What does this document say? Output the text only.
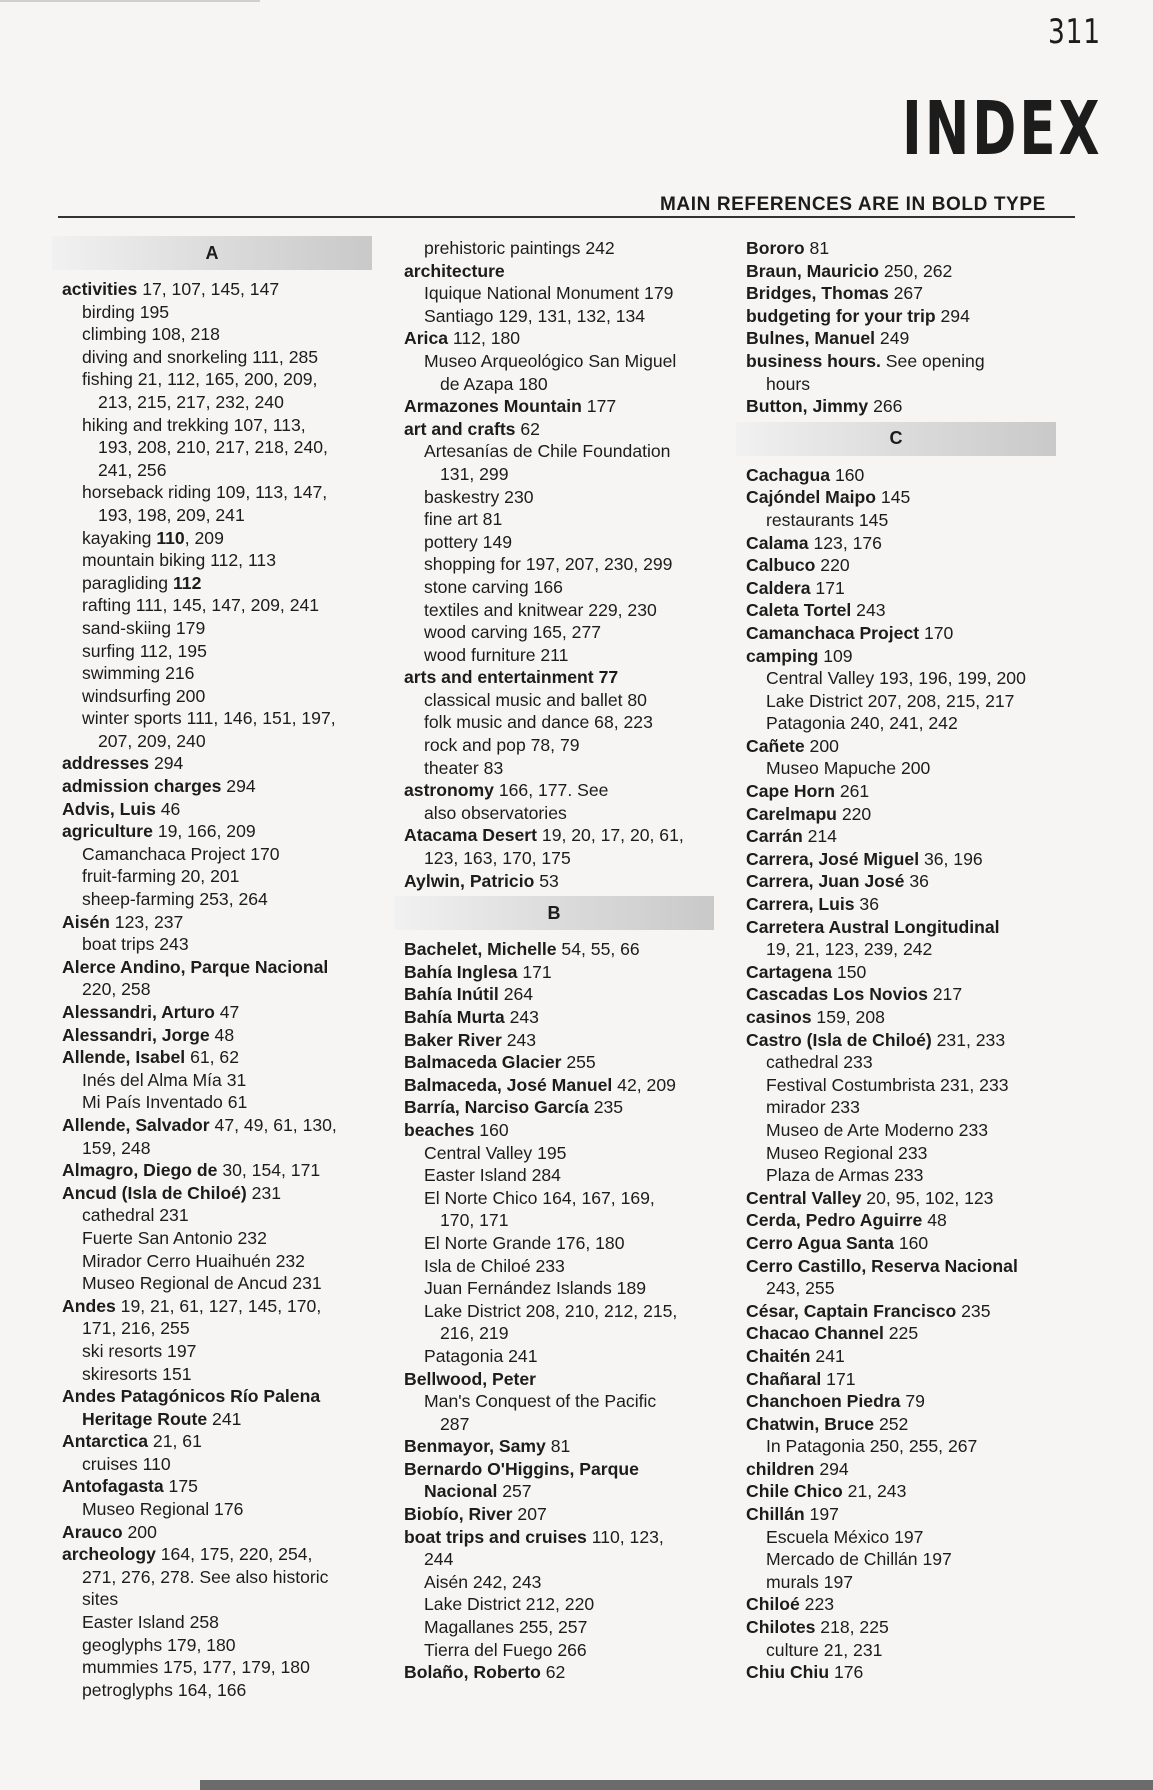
311
INDEX
MAIN REFERENCES ARE IN BOLD TYPE
A
activities 17, 107, 145, 147
birding 195
climbing 108, 218
diving and snorkeling 111, 285
fishing 21, 112, 165, 200, 209,
213, 215, 217, 232, 240
hiking and trekking 107, 113,
193, 208, 210, 217, 218, 240,
241, 256
horseback riding 109, 113, 147,
193, 198, 209, 241
kayaking 110, 209
mountain biking 112, 113
paragliding 112
rafting 111, 145, 147, 209, 241
sand-skiing 179
surfing 112, 195
swimming 216
windsurfing 200
winter sports 111, 146, 151, 197,
207, 209, 240
addresses 294
admission charges 294
Advis, Luis 46
agriculture 19, 166, 209
Camanchaca Project 170
fruit-farming 20, 201
sheep-farming 253, 264
Aisén 123, 237
boat trips 243
Alerce Andino, Parque Nacional
220, 258
Alessandri, Arturo 47
Alessandri, Jorge 48
Allende, Isabel 61, 62
Inés del Alma Mía 31
Mi País Inventado 61
Allende, Salvador 47, 49, 61, 130,
159, 248
Almagro, Diego de 30, 154, 171
Ancud (Isla de Chiloé) 231
cathedral 231
Fuerte San Antonio 232
Mirador Cerro Huaihuén 232
Museo Regional de Ancud 231
Andes 19, 21, 61, 127, 145, 170,
171, 216, 255
ski resorts 197
skiresorts 151
Andes Patagónicos Río Palena
Heritage Route 241
Antarctica 21, 61
cruises 110
Antofagasta 175
Museo Regional 176
Arauco 200
archeology 164, 175, 220, 254,
271, 276, 278. See also historic
sites
Easter Island 258
geoglyphs 179, 180
mummies 175, 177, 179, 180
petroglyphs 164, 166
prehistoric paintings 242
architecture
Iquique National Monument 179
Santiago 129, 131, 132, 134
Arica 112, 180
Museo Arqueológico San Miguel
de Azapa 180
Armazones Mountain 177
art and crafts 62
Artesanías de Chile Foundation
131, 299
baskestry 230
fine art 81
pottery 149
shopping for 197, 207, 230, 299
stone carving 166
textiles and knitwear 229, 230
wood carving 165, 277
wood furniture 211
arts and entertainment 77
classical music and ballet 80
folk music and dance 68, 223
rock and pop 78, 79
theater 83
astronomy 166, 177. See
also observatories
Atacama Desert 19, 20, 17, 20, 61,
123, 163, 170, 175
Aylwin, Patricio 53
B
Bachelet, Michelle 54, 55, 66
Bahía Inglesa 171
Bahía Inútil 264
Bahía Murta 243
Baker River 243
Balmaceda Glacier 255
Balmaceda, José Manuel 42, 209
Barría, Narciso García 235
beaches 160
Central Valley 195
Easter Island 284
El Norte Chico 164, 167, 169,
170, 171
El Norte Grande 176, 180
Isla de Chiloé 233
Juan Fernández Islands 189
Lake District 208, 210, 212, 215,
216, 219
Patagonia 241
Bellwood, Peter
Man's Conquest of the Pacific
287
Benmayor, Samy 81
Bernardo O'Higgins, Parque
Nacional 257
Biobío, River 207
boat trips and cruises 110, 123,
244
Aisén 242, 243
Lake District 212, 220
Magallanes 255, 257
Tierra del Fuego 266
Bolaño, Roberto 62
Bororo 81
Braun, Mauricio 250, 262
Bridges, Thomas 267
budgeting for your trip 294
Bulnes, Manuel 249
business hours. See opening
hours
Button, Jimmy 266
C
Cachagua 160
Cajóndel Maipo 145
restaurants 145
Calama 123, 176
Calbuco 220
Caldera 171
Caleta Tortel 243
Camanchaca Project 170
camping 109
Central Valley 193, 196, 199, 200
Lake District 207, 208, 215, 217
Patagonia 240, 241, 242
Cañete 200
Museo Mapuche 200
Cape Horn 261
Carelmapu 220
Carrán 214
Carrera, José Miguel 36, 196
Carrera, Juan José 36
Carrera, Luis 36
Carretera Austral Longitudinal
19, 21, 123, 239, 242
Cartagena 150
Cascadas Los Novios 217
casinos 159, 208
Castro (Isla de Chiloé) 231, 233
cathedral 233
Festival Costumbrista 231, 233
mirador 233
Museo de Arte Moderno 233
Museo Regional 233
Plaza de Armas 233
Central Valley 20, 95, 102, 123
Cerda, Pedro Aguirre 48
Cerro Agua Santa 160
Cerro Castillo, Reserva Nacional
243, 255
César, Captain Francisco 235
Chacao Channel 225
Chaitén 241
Chañaral 171
Chanchoen Piedra 79
Chatwin, Bruce 252
In Patagonia 250, 255, 267
children 294
Chile Chico 21, 243
Chillán 197
Escuela México 197
Mercado de Chillán 197
murals 197
Chiloé 223
Chilotes 218, 225
culture 21, 231
Chiu Chiu 176
